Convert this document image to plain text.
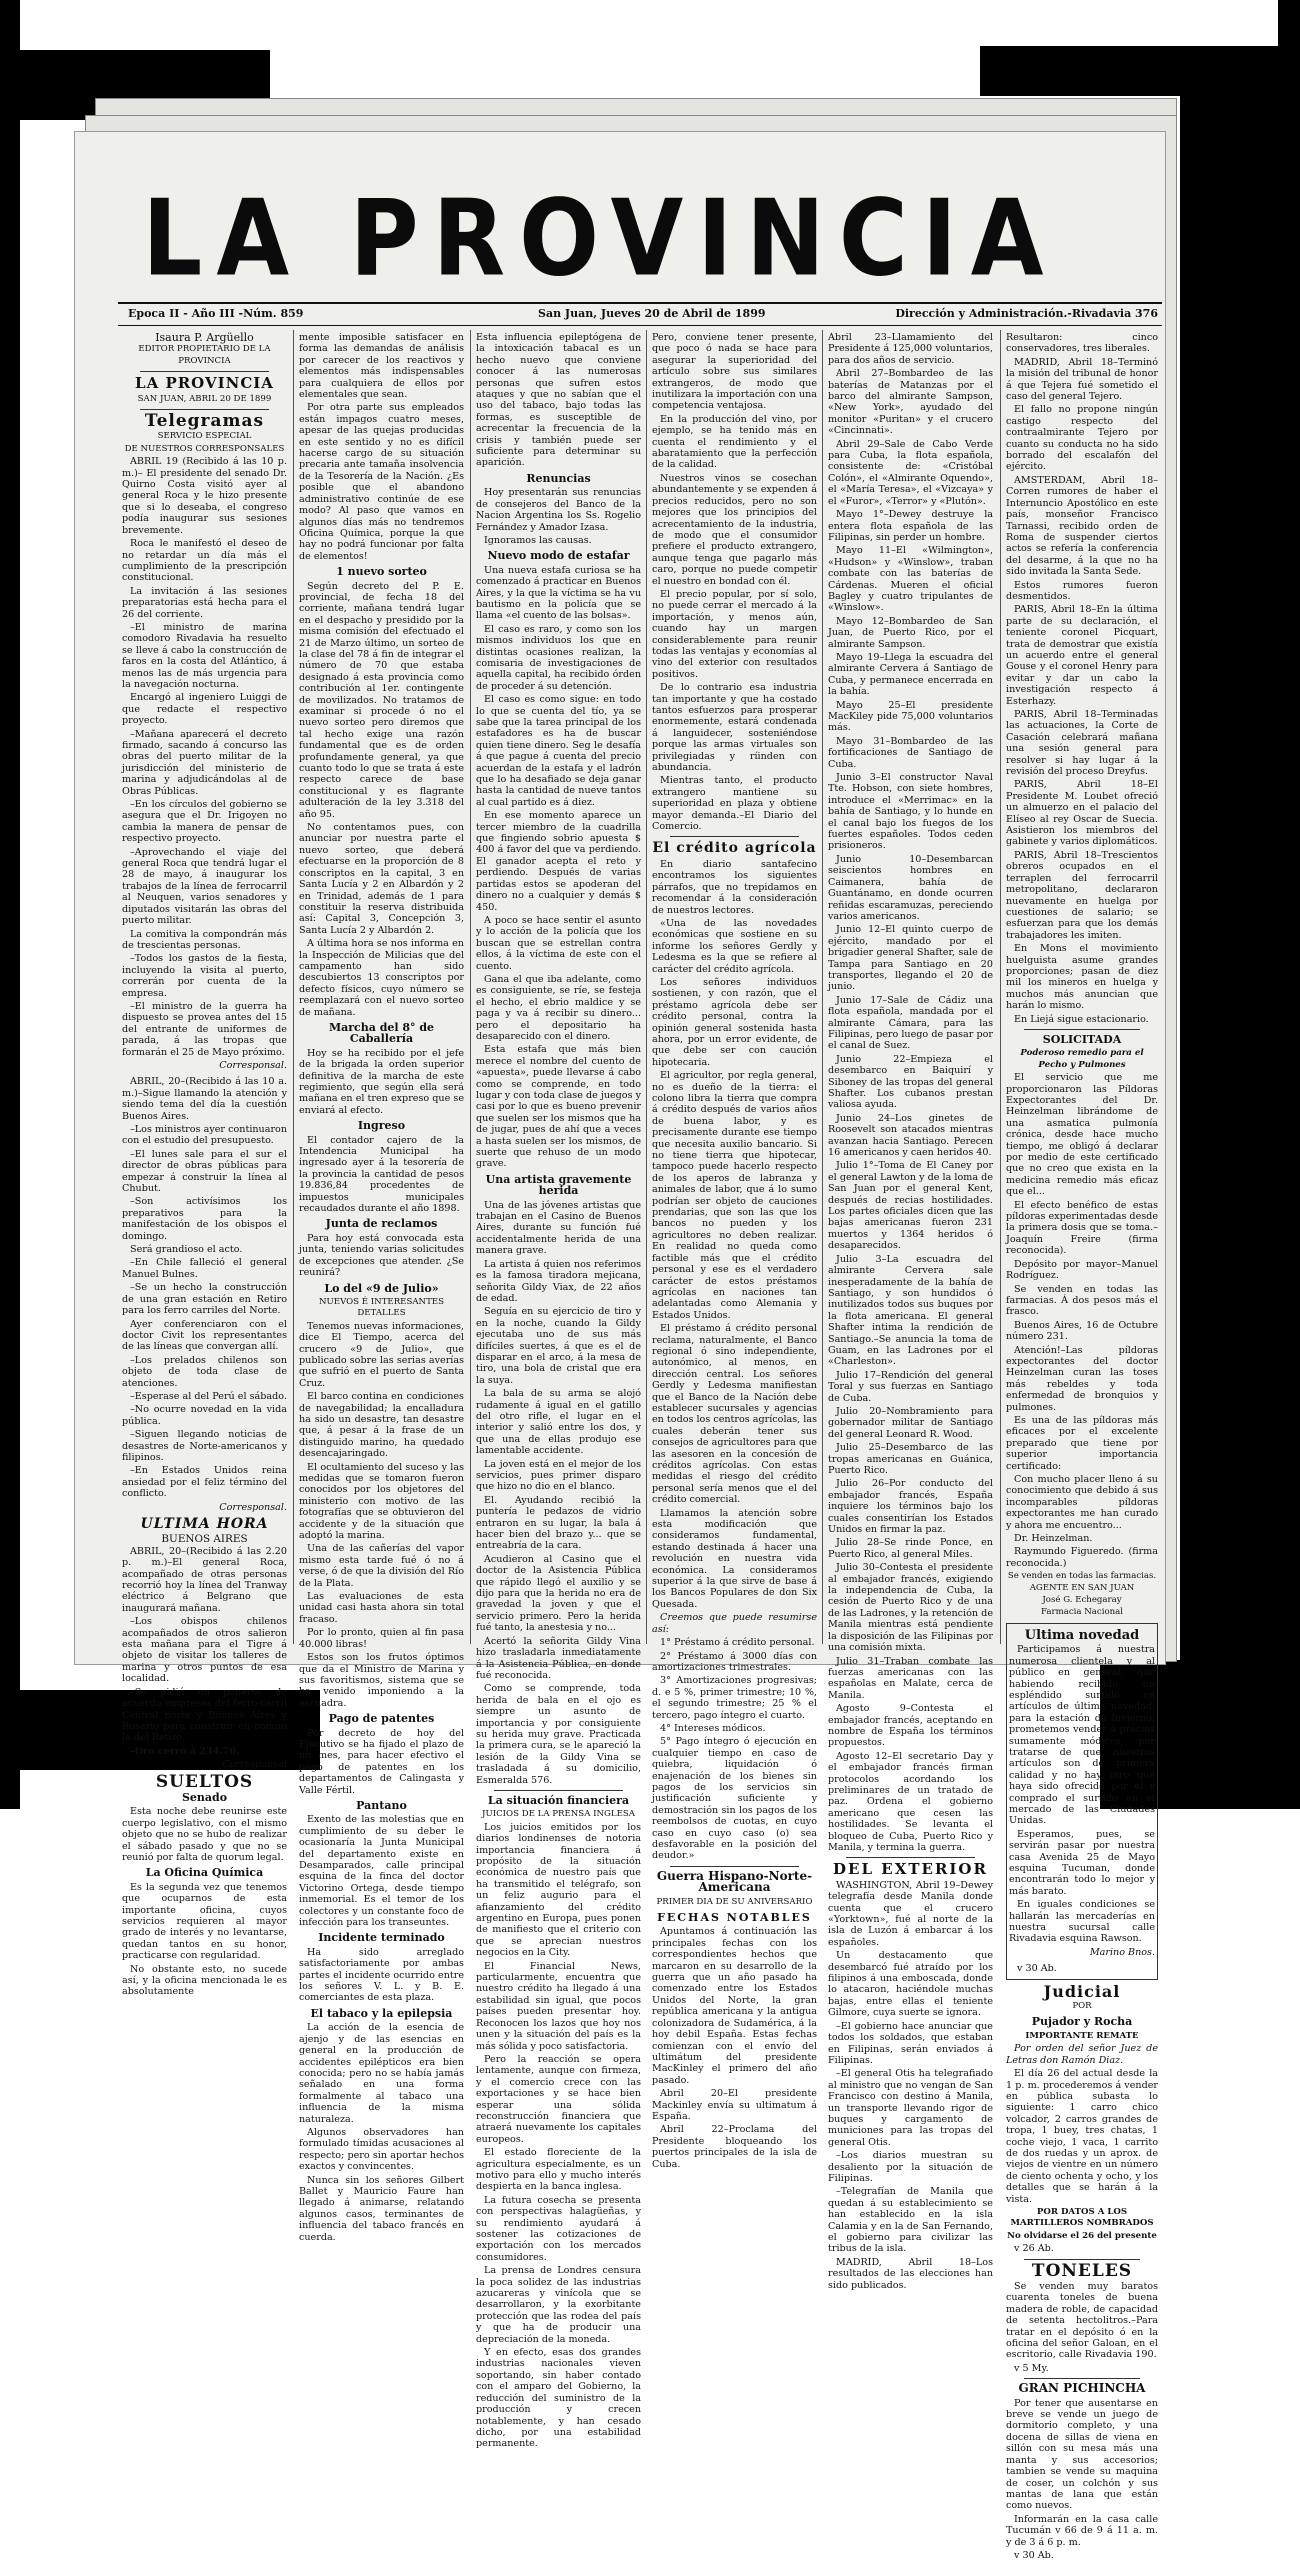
LA PROVINCIA
Epoca II - Año III -Núm. 859	San Juan, Jueves 20 de Abril de 1899	Dirección y Administración.-Rivadavia 376
Isaura P. Argüello
EDITOR PROPIETARIO DE LA PROVINCIA
LA PROVINCIA
SAN JUAN, ABRIL 20 DE 1899
Telegramas
SERVICIO ESPECIAL
DE NUESTROS CORRESPONSALES

ABRIL 19 (Recibido á las 10 p. m.)– El presidente del senado Dr. Quirno Costa visitó ayer al general Roca y le hizo presente que si lo deseaba, el congreso podía inaugurar sus sesiones brevemente.

Roca le manifestó el deseo de no retardar un día más el cumplimiento de la prescripción constitucional.

La invitación á las sesiones preparatorias está hecha para el 26 del corriente.

–El ministro de marina comodoro Rivadavia ha resuelto se lleve á cabo la construcción de faros en la costa del Atlántico, á menos las de más urgencia para la navegación nocturna.

Encargó al ingeniero Luiggi de que redacte el respectivo proyecto.

–Mañana aparecerá el decreto firmado, sacando á concurso las obras del puerto militar de la jurisdicción del ministerio de marina y adjudicándolas al de Obras Públicas.

–En los círculos del gobierno se asegura que el Dr. Irigoyen no cambia la manera de pensar de respectivo proyecto.

–Aprovechando el viaje del general Roca que tendrá lugar el 28 de mayo, á inaugurar los trabajos de la línea de ferrocarril al Neuquen, varios senadores y diputados visitarán las obras del puerto militar.

La comitiva la compondrán más de trescientas personas.

–Todos los gastos de la fiesta, incluyendo la visita al puerto, correrán por cuenta de la empresa.

–El ministro de la guerra ha dispuesto se provea antes del 15 del entrante de uniformes de parada, á las tropas que formarán el 25 de Mayo próximo.

Corresponsal.

ABRIL, 20–(Recibido á las 10 a. m.)–Sigue llamando la atención y siendo tema del día la cuestión Buenos Aires.

–Los ministros ayer continuaron con el estudio del presupuesto.

–El lunes sale para el sur el director de obras públicas para empezar á construir la línea al Chubut.

–Son activísimos los preparativos para la manifestación de los obispos el domingo.

Será grandioso el acto.

–En Chile falleció el general Manuel Bulnes.

–Se un hecho la construcción de una gran estación en Retiro para los ferro carriles del Norte.

Ayer conferenciaron con el doctor Civit los representantes de las líneas que convergan allí.

–Los prelados chilenos son objeto de toda clase de atenciones.

–Esperase al del Perú el sábado.

–No ocurre novedad en la vida pública.

–Siguen llegando noticias de desastres de Norte-americanos y filipinos.

–En Estados Unidos reina ansiedad por el feliz término del conflicto.

Corresponsal.
ULTIMA HORA
BUENOS AIRES

ABRIL, 20–(Recibido á las 2.20 p. m.)–El general Roca, acompañado de otras personas recorrió hoy la línea del Tranway eléctrico á Belgrano que inaugurará mañana.

–Los obispos chilenos acompañados de otros salieron esta mañana para el Tigre á objeto de visitar los talleres de marina y otros puntos de esa localidad.

–Se pidió un ponerse de acuerdo empresas del ferro-carril Central norte y Buenos Aires y Rosario para construir en común la del Retiro.

–Oro cerró á 234.70.

Corresponsal
SUELTOS
Senado

Esta noche debe reunirse este cuerpo legislativo, con el mismo objeto que no se hubo de realizar el sábado pasado y que no se reunió por falta de quorum legal.

La Oficina Química

Es la segunda vez que tenemos que ocuparnos de esta importante oficina, cuyos servicios requieren al mayor grado de interés y no levantarse, quedan tantos en su honor, practicarse con regularidad.

No obstante esto, no sucede así, y la oficina mencionada le es absolutamente

mente imposible satisfacer en forma las demandas de análisis por carecer de los reactivos y elementos más indispensables para cualquiera de ellos por elementales que sean.

Por otra parte sus empleados están impagos cuatro meses, apesar de las quejas producidas en este sentido y no es difícil hacerse cargo de su situación precaria ante tamaña insolvencia de la Tesorería de la Nación. ¿Es posible que el abandono administrativo continúe de ese modo? Al paso que vamos en algunos días más no tendremos Oficina Química, porque la que hay no podrá funcionar por falta de elementos!

1 nuevo sorteo

Según decreto del P. E. provincial, de fecha 18 del corriente, mañana tendrá lugar en el despacho y presidido por la misma comisión del efectuado el 21 de Marzo último, un sorteo de la clase del 78 á fin de integrar el número de 70 que estaba designado á esta provincia como contribución al 1er. contingente de movilizados. No tratamos de examinar si procede ó no el nuevo sorteo pero diremos que tal hecho exige una razón fundamental que es de orden profundamente general, ya que cuanto todo lo que se trata á este respecto carece de base constitucional y es flagrante adulteración de la ley 3.318 del año 95.

No contentamos pues, con anunciar por nuestra parte el nuevo sorteo, que deberá efectuarse en la proporción de 8 conscriptos en la capital, 3 en Santa Lucía y 2 en Albardón y 2 en Trinidad, además de 1 para constituir la reserva distribuida así: Capital 3, Concepción 3, Santa Lucía 2 y Albardón 2.

A última hora se nos informa en la Inspección de Milicias que del campamento han sido descubiertos 13 conscriptos por defecto físicos, cuyo número se reemplazará con el nuevo sorteo de mañana.

Marcha del 8° de Caballería

Hoy se ha recibido por el jefe de la brigada la orden superior definitiva de la marcha de este regimiento, que según ella será mañana en el tren expreso que se enviará al efecto.

Ingreso

El contador cajero de la Intendencia Municipal ha ingresado ayer á la tesorería de la provincia la cantidad de pesos 19.836,84 procedentes de impuestos municipales recaudados durante el año 1898.

Junta de reclamos

Para hoy está convocada esta junta, teniendo varias solicitudes de excepciones que atender. ¿Se reunirá?

Lo del «9 de Julio»
NUEVOS É INTERESANTES DETALLES

Tenemos nuevas informaciones, dice El Tiempo, acerca del crucero «9 de Julio», que publicado sobre las serias averías que sufrió en el puerto de Santa Cruz.

El barco contina en condiciones de navegabilidad; la encalladura ha sido un desastre, tan desastre que, á pesar á la frase de un distinguido marino, ha quedado desencajaringado.

El ocultamiento del suceso y las medidas que se tomaron fueron conocidos por los objetores del ministerio con motivo de las fotografías que se obtuvieron del accidente y de la situación que adoptó la marina.

Una de las cañerías del vapor mismo esta tarde fué ó no á verse, ó de que la división del Río de la Plata.

Las evaluaciones de esta unidad casi hasta ahora sin total fracaso.

Por lo pronto, quien al fin pasa 40.000 libras!

Estos son los frutos óptimos que da el Ministro de Marina y sus favoritismos, sistema que se ha venido imponiendo a la escuadra.

Pago de patentes

Por decreto de hoy del Ejecutivo se ha fijado el plazo de un mes, para hacer efectivo el pago de patentes en los departamentos de Calingasta y Valle Fértil.

Pantano

Exento de las molestias que en cumplimiento de su deber le ocasionaría la Junta Municipal del departamento existe en Desamparados, calle principal esquina de la finca del doctor Victorino Ortega, desde tiempo inmemorial. Es el temor de los colectores y un constante foco de infección para los transeuntes.

Incidente terminado

Ha sido arreglado satisfactoriamente por ambas partes el incidente ocurrido entre los señores V. L. y B. E. comerciantes de esta plaza.

El tabaco y la epilepsia

La acción de la esencia de ajenjo y de las esencias en general en la producción de accidentes epilépticos era bien conocida; pero no se había jamás señalado en una forma formalmente al tabaco una influencia de la misma naturaleza.

Algunos observadores han formulado tímidas acusaciones al respecto; pero sin aportar hechos exactos y convincentes.

Nunca sin los señores Gilbert Ballet y Mauricio Faure han llegado á animarse, relatando algunos casos, terminantes de influencia del tabaco francés en cuerda.

Esta influencia epileptógena de la intoxicación tabacal es un hecho nuevo que conviene conocer á las numerosas personas que sufren estos ataques y que no sabían que el uso del tabaco, bajo todas las formas, es susceptible de acrecentar la frecuencia de la crisis y también puede ser suficiente para determinar su aparición.

Renuncias

Hoy presentarán sus renuncias de consejeros del Banco de la Nacion Argentina los Ss. Rogelio Fernández y Amador Izasa.

Ignoramos las causas.

Nuevo modo de estafar

Una nueva estafa curiosa se ha comenzado á practicar en Buenos Aires, y la que la víctima se ha vu bautismo en la policía que se llama «el cuento de las bolsas».

El caso es raro, y como son los mismos individuos los que en distintas ocasiones realizan, la comisaria de investigaciones de aquella capital, ha recibido órden de proceder á su detención.

El caso es como sigue: en todo lo que se cuenta del tío, ya se sabe que la tarea principal de los estafadores es ha de buscar quien tiene dinero. Seg le desafía á que pague á cuenta del precio acuerdan de la estafa y el ladrón que lo ha desafiado se deja ganar hasta la cantidad de nueve tantos al cual partido es á diez.

En ese momento aparece un tercer miembro de la cuadrilla que fingiendo sobrio apuesta $ 400 á favor del que va perdiendo. El ganador acepta el reto y perdiendo. Después de varias partidas estos se apoderan del dinero no a cualquier y demás $ 450.

A poco se hace sentir el asunto y lo acción de la policía que los buscan que se estrellan contra ellos, á la víctima de este con el cuento.

Gana el que iba adelante, como es consiguiente, se ríe, se festeja el hecho, el ebrio maldice y se paga y va á recibir su dinero... pero el depositario ha desaparecido con el dinero.

Esta estafa que más bien merece el nombre del cuento de «apuesta», puede llevarse á cabo como se comprende, en todo lugar y con toda clase de juegos y casi por lo que es bueno prevenir que suelen ser los mismos que ha de jugar, pues de ahí que a veces a hasta suelen ser los mismos, de suerte que rehuso de un modo grave.

Una artista gravemente herida

Una de las jóvenes artistas que trabajan en el Casino de Buenos Aires, durante su función fué accidentalmente herida de una manera grave.

La artista á quien nos referimos es la famosa tiradora mejicana, señorita Gildy Viax, de 22 años de edad.

Seguía en su ejercicio de tiro y en la noche, cuando la Gildy ejecutaba uno de sus más difíciles suertes, á que es el de disparar en el arco, á la mesa de tiro, una bola de cristal que era la suya.

La bala de su arma se alojó rudamente á igual en el gatillo del otro rifle, el lugar en el interior y salió entre los dos, y que una de ellas produjo ese lamentable accidente.

La joven está en el mejor de los servicios, pues primer disparo que hizo no dio en el blanco.

El. Ayudando recibió la puntería le pedazos de vidrio entraron en su lugar, la bala á hacer bien del brazo y... que se entreabría de la cara.

Acudieron al Casino que el doctor de la Asistencia Pública que rápido llegó el auxilio y se dijo para que la herida no era de gravedad la joven y que el servicio primero. Pero la herida fué tanto, la anestesia y no...

Acertó la señorita Gildy Vina hizo trasladarla inmediatamente á la Asistencia Pública, en donde fué reconocida.

Como se comprende, toda herida de bala en el ojo es siempre un asunto de importancia y por consiguiente su herida muy grave. Practicada la primera cura, se le apareció la lesión de la Gildy Vina se trasladada á su domicilio, Esmeralda 576.

La situación financiera
JUICIOS DE LA PRENSA INGLESA

Los juicios emitidos por los diarios londinenses de notoria importancia financiera á propósito de la situación económica de nuestro país que ha transmitido el telégrafo, son un feliz augurio para el afianzamiento del crédito argentino en Europa, pues ponen de manifiesto que el criterio con que se aprecian nuestros negocios en la City.

El Financial News, particularmente, encuentra que nuestro crédito ha llegado á una estabilidad sin igual, que pocos países pueden presentar hoy. Reconocen los lazos que hoy nos unen y la situación del país es la más sólida y poco satisfactoria.

Pero la reacción se opera lentamente, aunque con firmeza, y el comercio crece con las exportaciones y se hace bien esperar una sólida reconstrucción financiera que atraerá nuevamente los capitales europeos.

El estado floreciente de la agricultura especialmente, es un motivo para ello y mucho interés despierta en la banca inglesa.

La futura cosecha se presenta con perspectivas halagüeñas, y su rendimiento ayudará á sostener las cotizaciones de exportación con los mercados consumidores.

La prensa de Londres censura la poca solidez de las industrias azucareras y vinícola que se desarrollaron, y la exorbitante protección que las rodea del país y que ha de producir una depreciación de la moneda.

Y en efecto, esas dos grandes industrias nacionales vieven soportando, sin haber contado con el amparo del Gobierno, la reducción del suministro de la producción y crecen notablemente, y han cesado dicho, por una estabilidad permanente.

Pero, conviene tener presente, que poco ó nada se hace para asegurar la superioridad del artículo sobre sus similares extrangeros, de modo que inutilizara la importación con una competencia ventajosa.

En la producción del vino, por ejemplo, se ha tenido más en cuenta el rendimiento y el abaratamiento que la perfección de la calidad.

Nuestros vinos se cosechan abundantemente y se expenden á precios reducidos, pero no son mejores que los principios del acrecentamiento de la industria, de modo que el consumidor prefiere el producto extrangero, aunque tenga que pagarlo más caro, porque no puede competir el nuestro en bondad con él.

El precio popular, por sí solo, no puede cerrar el mercado á la importación, y menos aún, cuando hay un margen considerablemente para reunir todas las ventajas y economías al vino del exterior con resultados positivos.

De lo contrario esa industria tan importante y que ha costado tantos esfuerzos para prosperar enormemente, estará condenada á languidecer, sosteniéndose porque las armas virtuales son privilegiadas y ríinden con abundancia.

Mientras tanto, el producto extrangero mantiene su superioridad en plaza y obtiene mayor demanda.–El Diario del Comercio.

El crédito agrícola

En diario santafecino encontramos los siguientes párrafos, que no trepidamos en recomendar á la consideración de nuestros lectores.

«Una de las novedades económicas que sostiene en su informe los señores Gerdly y Ledesma es la que se refiere al carácter del crédito agrícola.

Los señores individuos sostienen, y con razón, que el préstamo agrícola debe ser crédito personal, contra la opinión general sostenida hasta ahora, por un error evidente, de que debe ser con caución hipotecaria.

El agricultor, por regla general, no es dueño de la tierra: el colono libra la tierra que compra á crédito después de varios años de buena labor, y es precisamente durante ese tiempo que necesita auxilio bancario. Si no tiene tierra que hipotecar, tampoco puede hacerlo respecto de los aperos de labranza y animales de labor, que á lo sumo podrían ser objeto de cauciones prendarias, que son las que los bancos no pueden y los agricultores no deben realizar. En realidad no queda como factible más que el crédito personal y ese es el verdadero carácter de estos préstamos agrícolas en naciones tan adelantadas como Alemania y Estados Unidos.

El préstamo á crédito personal reclama, naturalmente, el Banco regional ó sino independiente, autonómico, al menos, en dirección central. Los señores Gerdly y Ledesma manifiestan que el Banco de la Nación debe establecer sucursales y agencias en todos los centros agrícolas, las cuales deberán tener sus consejos de agricultores para que las asesoren en la concesión de créditos agrícolas. Con estas medidas el riesgo del crédito personal sería menos que el del crédito comercial.

Llamamos la atención sobre esta modificación que consideramos fundamental, estando destinada á hacer una revolución en nuestra vida económica. La consideramos superior á la que sirve de base á los Bancos Populares de don Six Quesada.

Creemos que puede resumirse así:

1° Préstamo á crédito personal.

2° Préstamo á 3000 días con amortizaciones trimestrales.

3° Amortizaciones progresivas; d. e 5 %, primer trimestre; 10 %, el segundo trimestre; 25 % el tercero, pago íntegro el cuarto.

4° Intereses módicos.

5° Pago íntegro ó ejecución en cualquier tiempo en caso de quiebra, liquidación ó enajenación de los bienes sin pagos de los servicios sin justificación suficiente y demostración sin los pagos de los reembolsos de cuotas, en cuyo caso en cuyo caso (o) sea desfavorable en la posición del deudor.»

Guerra Hispano-Norte-Americana
PRIMER DIA DE SU ANIVERSARIO
FECHAS NOTABLES

Apuntamos á continuación las principales fechas con los correspondientes hechos que marcaron en su desarrollo de la guerra que un año pasado ha comenzado entre los Estados Unidos del Norte, la gran república americana y la antigua colonizadora de Sudamérica, á la hoy debil España. Estas fechas comienzan con el envío del ultimátum del presidente MacKinley el primero del año pasado.

Abril 20–El presidente Mackinley envía su ultimatum á España.

Abril 22–Proclama del Presidente bloqueando los puertos principales de la isla de Cuba.

Abril 23–Llamamiento del Presidente á 125,000 voluntarios, para dos años de servicio.

Abril 27–Bombardeo de las baterías de Matanzas por el barco del almirante Sampson, «New York», ayudado del monitor «Puritan» y el crucero «Cincinnati».

Abril 29–Sale de Cabo Verde para Cuba, la flota española, consistente de: «Cristóbal Colón», el «Almirante Oquendo», el «María Teresa», el «Vizcaya» y el «Furor», «Terror» y «Plutón».

Mayo 1°–Dewey destruye la entera flota española de las Filipinas, sin perder un hombre.

Mayo 11–El «Wilmington», «Hudson» y «Winslow», traban combate con las baterías de Cárdenas. Mueren el oficial Bagley y cuatro tripulantes de «Winslow».

Mayo 12–Bombardeo de San Juan, de Puerto Rico, por el almirante Sampson.

Mayo 19–Llega la escuadra del almirante Cervera á Santiago de Cuba, y permanece encerrada en la bahía.

Mayo 25–El presidente MacKiley pide 75,000 voluntarios más.

Mayo 31–Bombardeo de las fortificaciones de Santiago de Cuba.

Junio 3–El constructor Naval Tte. Hobson, con siete hombres, introduce el «Merrimac» en la bahía de Santiago, y lo hunde en el canal bajo los fuegos de los fuertes españoles. Todos ceden prisioneros.

Junio 10–Desembarcan seiscientos hombres en Caimanera, bahía de Guantánamo, en donde ocurren reñidas escaramuzas, pereciendo varios americanos.

Junio 12–El quinto cuerpo de ejército, mandado por el brigadier general Shafter, sale de Tampa para Santiago en 20 transportes, llegando el 20 de junio.

Junio 17–Sale de Cádiz una flota española, mandada por el almirante Cámara, para las Filipinas, pero luego de pasar por el canal de Suez.

Junio 22–Empieza el desembarco en Baiquirí y Siboney de las tropas del general Shafter. Los cubanos prestan valiosa ayuda.

Junio 24–Los ginetes de Roosevelt son atacados mientras avanzan hacia Santiago. Perecen 16 americanos y caen heridos 40.

Julio 1°–Toma de El Caney por el general Lawton y de la loma de San Juan por el general Kent, después de recias hostilidades. Los partes oficiales dicen que las bajas americanas fueron 231 muertos y 1364 heridos ó desaparecidos.

Julio 3–La escuadra del almirante Cervera sale inesperadamente de la bahía de Santiago, y son hundidos ó inutilizados todos sus buques por la flota americana. El general Shafter intima la rendición de Santiago.–Se anuncia la toma de Guam, en las Ladrones por el «Charleston».

Julio 17–Rendición del general Toral y sus fuerzas en Santiago de Cuba.

Julio 20–Nombramiento para gobernador militar de Santiago del general Leonard R. Wood.

Julio 25–Desembarco de las tropas americanas en Guánica, Puerto Rico.

Julio 26–Por conducto del embajador francés, España inquiere los términos bajo los cuales consentirían los Estados Unidos en firmar la paz.

Julio 28–Se rinde Ponce, en Puerto Rico, al general Miles.

Julio 30–Contesta el presidente al embajador francés, exigiendo la independencia de Cuba, la cesión de Puerto Rico y de una de las Ladrones, y la retención de Manila mientras está pendiente la disposición de las Filipinas por una comisión mixta.

Julio 31–Traban combate las fuerzas americanas con las españolas en Malate, cerca de Manila.

Agosto 9–Contesta el embajador francés, aceptando en nombre de España los términos propuestos.

Agosto 12–El secretario Day y el embajador francés firman protocolos acordando los preliminares de un tratado de paz. Ordena el gobierno americano que cesen las hostilidades. Se levanta el bloqueo de Cuba, Puerto Rico y Manila, y termina la guerra.

DEL EXTERIOR

WASHINGTON, Abril 19–Dewey telegrafía desde Manila donde cuenta que el crucero «Yorktown», fué al norte de la isla de Luzón á embarcar á los españoles.

Un destacamento que desembarcó fué atraído por los filipinos á una emboscada, donde lo atacaron, haciéndole muchas bajas, entre ellas el teniente Gilmore, cuya suerte se ignora.

–El gobierno hace anunciar que todos los soldados, que estaban en Filipinas, serán enviados á Filipinas.

–El general Otis ha telegrafiado al ministro que no vengan de San Francisco con destino á Manila, un transporte llevando rigor de buques y cargamento de municiones para las tropas del general Otis.

–Los diarios muestran su desaliento por la situación de Filipinas.

–Telegrafían de Manila que quedan á su establecimiento se han establecido en la isla Calamia y en la de San Fernando, el gobierno para civilizar las tribus de la isla.

MADRID, Abril 18–Los resultados de las elecciones han sido publicados.

Resultaron: cinco conservadores, tres liberales.

MADRID, Abril 18–Terminó la misión del tribunal de honor á que Tejera fué sometido el caso del general Tejero.

El fallo no propone ningún castigo respecto del contraalmirante Tejero por cuanto su conducta no ha sido borrado del escalafón del ejército.

AMSTERDAM, Abril 18–Corren rumores de haber el Internuncio Apostólico en este país, monseñor Francisco Tarnassi, recibido orden de Roma de suspender ciertos actos se refería la conferencia del desarme, á la que no ha sido invitada la Santa Sede.

Estos rumores fueron desmentidos.

PARIS, Abril 18–En la última parte de su declaración, el teniente coronel Picquart, trata de demostrar que existía un acuerdo entre el general Gouse y el coronel Henry para evitar y dar un cabo la investigación respecto á Esterhazy.

PARIS, Abril 18–Terminadas las actuaciones, la Corte de Casación celebrará mañana una sesión general para resolver si hay lugar á la revisión del proceso Dreyfus.

PARIS, Abril 18–El Presidente M. Loubet ofreció un almuerzo en el palacio del Elíseo al rey Oscar de Suecia. Asistieron los miembros del gabinete y varios diplomáticos.

PARIS, Abril 18–Trescientos obreros ocupados en el terraplen del ferrocarril metropolitano, declararon nuevamente en huelga por cuestiones de salario; se esfuerzan para que los demás trabajadores les imiten.

En Mons el movimiento huelguista asume grandes proporciones; pasan de diez mil los mineros en huelga y muchos más anuncian que harán lo mismo.

En Liejá sigue estacionario.

SOLICITADA
Poderoso remedio para el Pecho y Pulmones

El servicio que me proporcionaron las Píldoras Expectorantes del Dr. Heinzelman librándome de una asmatica pulmonía crónica, desde hace mucho tiempo, me obligó á declarar por medio de este certificado que no creo que exista en la medicina remedio más eficaz que el...

El efecto benéfico de estas píldoras experimentadas desde la primera dosis que se toma.–Joaquín Freire (firma reconocida).

Depósito por mayor–Manuel Rodríguez.

Se venden en todas las farmacias. Á dos pesos más el frasco.

Buenos Aires, 16 de Octubre número 231.

Atención!–Las píldoras expectorantes del doctor Heinzelman curan las toses más rebeldes y toda enfermedad de bronquios y pulmones.

Es una de las píldoras más eficaces por el excelente preparado que tiene por superior importancia certificado:

Con mucho placer lleno á su conocimiento que debido á sus incomparables píldoras expectorantes me han curado y ahora me encuentro...

Dr. Heinzelman.

Raymundo Figueredo. (firma reconocida.)

Se venden en todas las farmacias. AGENTE EN SAN JUAN
José G. Echegaray
Farmacia Nacional
Ultima novedad

Participamos á nuestra numerosa clientela y al público en general, que habiendo recibido un espléndido surtido en artículos de última novedad, para la estación de Invierno, prometemos vender á precios sumamente módicos, por tratarse de que nuestros artículos son de primera calidad y no hay otro que haya sido ofrecido por el y comprado el surtido en el mercado de las Ciudades Unidas.

Esperamos, pues, se servirán pasar por nuestra casa Avenida 25 de Mayo esquina Tucuman, donde encontrarán todo lo mejor y más barato.

En iguales condiciones se hallarán las mercaderías en nuestra sucursal calle Rivadavia esquina Rawson.

Marino Bnos.

v 30 Ab.

Judicial
POR
Pujador y Rocha
IMPORTANTE REMATE

Por orden del señor Juez de Letras don Ramón Diaz.

El día 26 del actual desde la 1 p. m. procederemos á vender en pública subasta lo siguiente: 1 carro chico volcador, 2 carros grandes de tropa, 1 buey, tres chatas, 1 coche viejo, 1 vaca, 1 carrito de dos ruedas y un aprox. de viejos de vientre en un número de ciento ochenta y ocho, y los detalles que se harán á la vista.

POR DATOS A LOS MARTILLEROS NOMBRADOS
No olvidarse el 26 del presente

v 26 Ab.

TONELES

Se venden muy baratos cuarenta toneles de buena madera de roble, de capacidad de setenta hectolitros.–Para tratar en el depósito ó en la oficina del señor Galoan, en el escritorio, calle Rivadavia 190.

v 5 My.

GRAN PICHINCHA

Por tener que ausentarse en breve se vende un juego de dormitorio completo, y una docena de sillas de viena en sillón con su mesa más una manta y sus accesorios; tambien se vende su maquina de coser, un colchón y sus mantas de lana que están como nuevos.

Informarán en la casa calle Tucumán v 66 de 9 á 11 a. m. y de 3 á 6 p. m.

v 30 Ab.
